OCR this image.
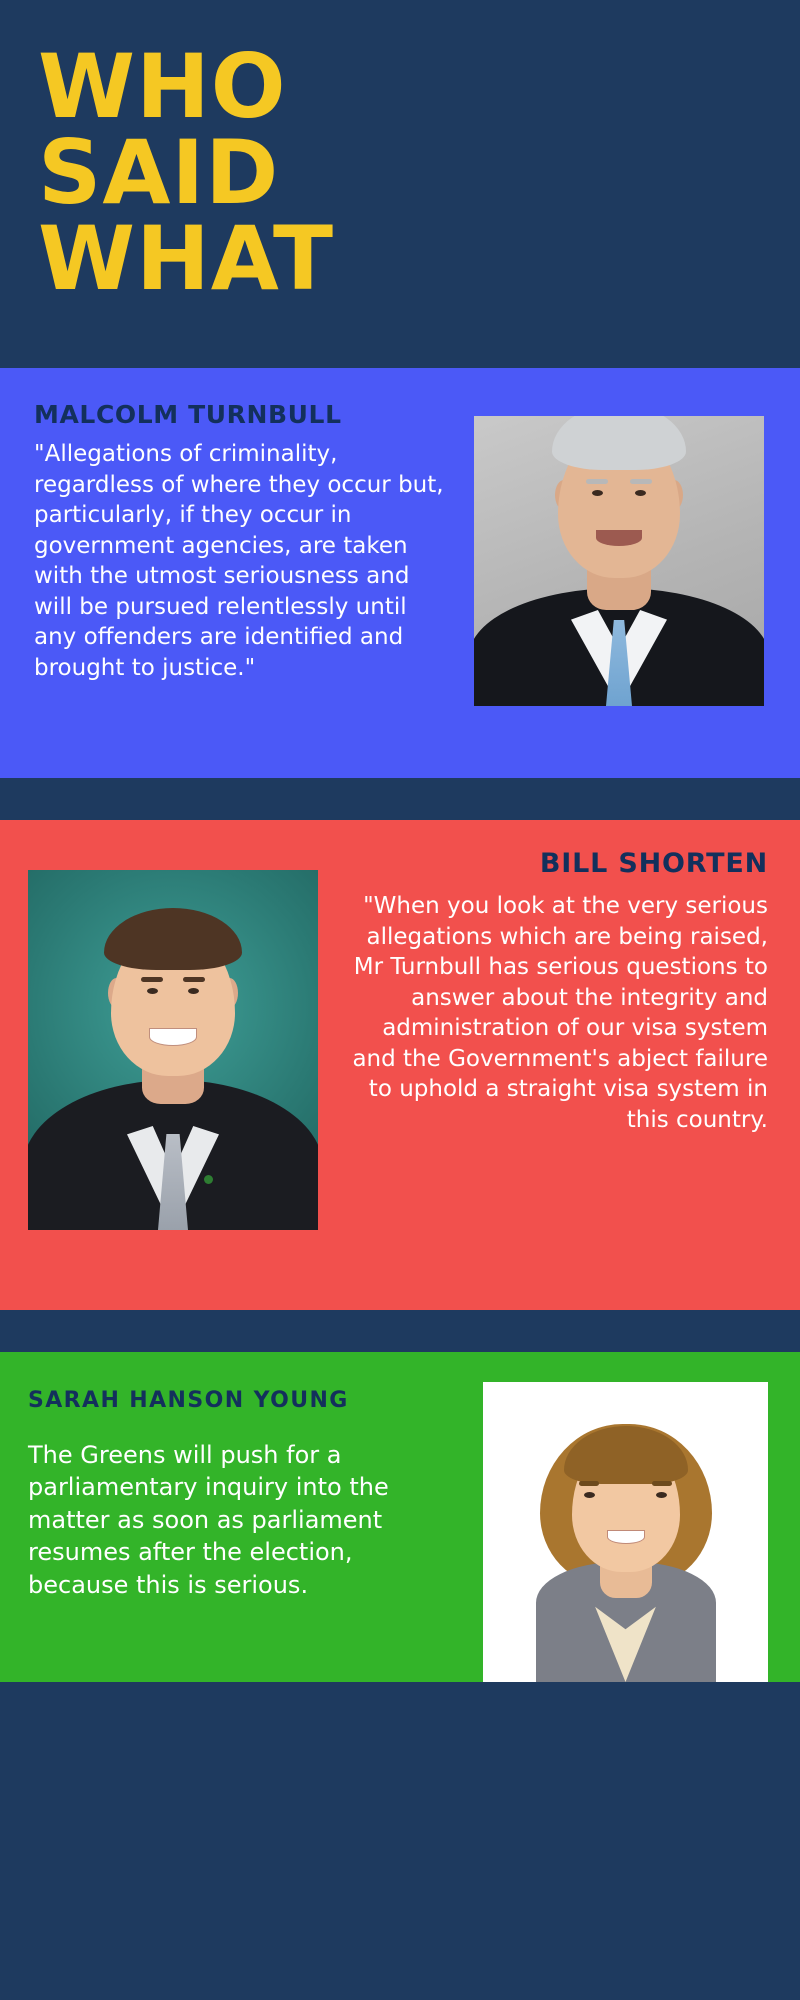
WHO
SAID
WHAT
MALCOLM TURNBULL
"Allegations of criminality, regardless of where they occur but, particularly, if they occur in government agencies, are taken with the utmost seriousness and will be pursued relentlessly until any offenders are identified and brought to justice."
BILL SHORTEN
"When you look at the very serious allegations which are being raised, Mr Turnbull has serious questions to answer about the integrity and administration of our visa system and the Government's abject failure to uphold a straight visa system in this country.
SARAH HANSON YOUNG
The Greens will push for a parliamentary inquiry into the matter as soon as parliament resumes after the election, because this is serious.
